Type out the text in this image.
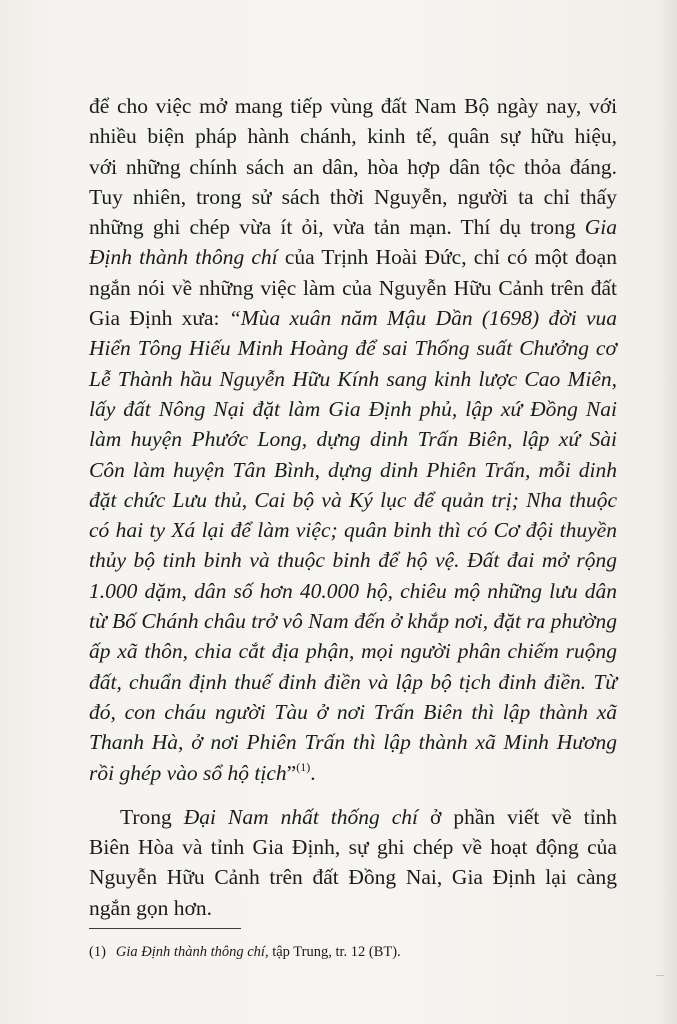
để cho việc mở mang tiếp vùng đất Nam Bộ ngày nay, với
nhiều biện pháp hành chánh, kinh tế, quân sự hữu hiệu,
với những chính sách an dân, hòa hợp dân tộc thỏa đáng.
Tuy nhiên, trong sử sách thời Nguyễn, người ta chỉ thấy
những ghi chép vừa ít ỏi, vừa tản mạn. Thí dụ trong Gia
Định thành thông chí của Trịnh Hoài Đức, chỉ có một đoạn
ngắn nói về những việc làm của Nguyễn Hữu Cảnh trên đất
Gia Định xưa: “Mùa xuân năm Mậu Dần (1698) đời vua
Hiển Tông Hiếu Minh Hoàng để sai Thống suất Chưởng cơ
Lễ Thành hầu Nguyễn Hữu Kính sang kinh lược Cao Miên,
lấy đất Nông Nại đặt làm Gia Định phủ, lập xứ Đồng Nai
làm huyện Phước Long, dựng dinh Trấn Biên, lập xứ Sài
Côn làm huyện Tân Bình, dựng dinh Phiên Trấn, mỗi dinh
đặt chức Lưu thủ, Cai bộ và Ký lục để quản trị; Nha thuộc
có hai ty Xá lại để làm việc; quân binh thì có Cơ đội thuyền
thủy bộ tinh binh và thuộc binh để hộ vệ. Đất đai mở rộng
1.000 dặm, dân số hơn 40.000 hộ, chiêu mộ những lưu dân
từ Bố Chánh châu trở vô Nam đến ở khắp nơi, đặt ra phường
ấp xã thôn, chia cắt địa phận, mọi người phân chiếm ruộng
đất, chuẩn định thuế đinh điền và lập bộ tịch đinh điền. Từ
đó, con cháu người Tàu ở nơi Trấn Biên thì lập thành xã
Thanh Hà, ở nơi Phiên Trấn thì lập thành xã Minh Hương
rồi ghép vào sổ hộ tịch”$^{(1)}$.
Trong Đại Nam nhất thống chí ở phần viết về tỉnh
Biên Hòa và tỉnh Gia Định, sự ghi chép về hoạt động của
Nguyễn Hữu Cảnh trên đất Đồng Nai, Gia Định lại càng
ngắn gọn hơn.
(1) Gia Định thành thông chí, tập Trung, tr. 12 (BT).
